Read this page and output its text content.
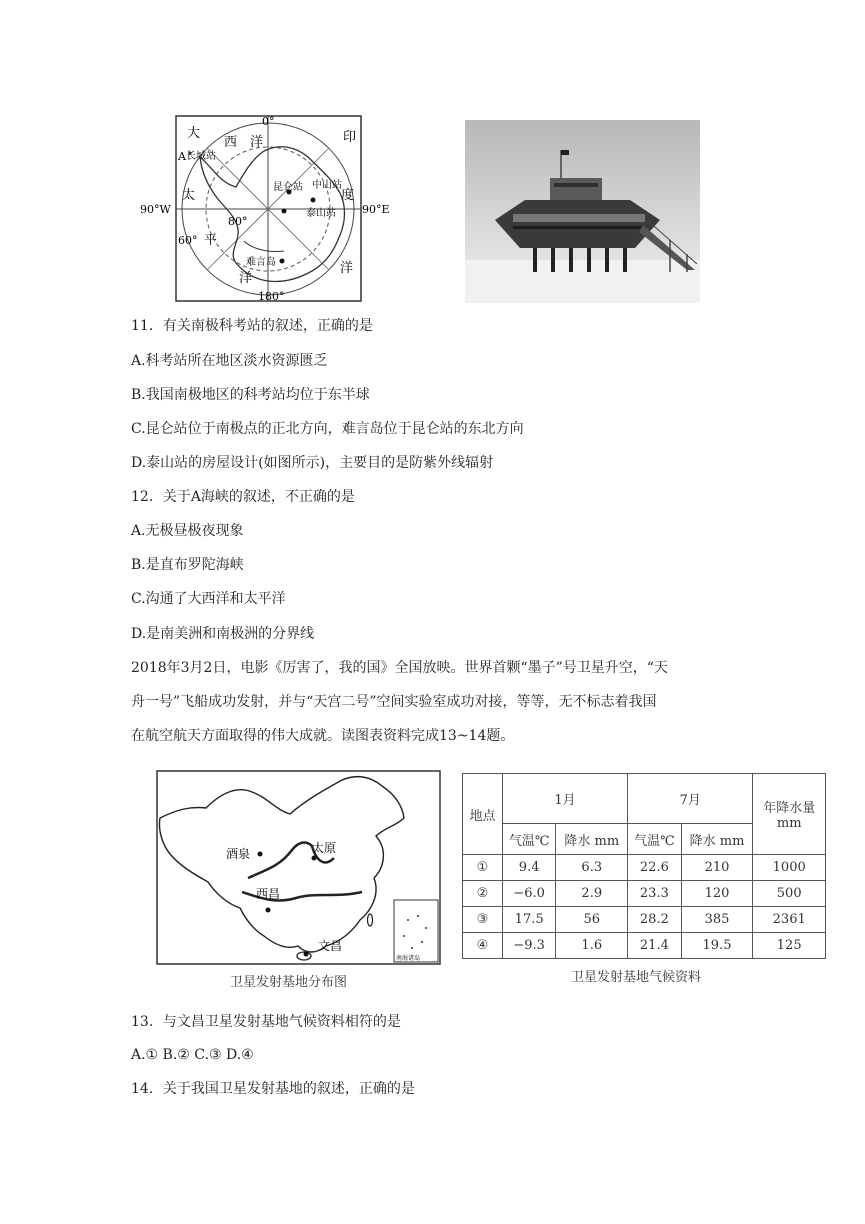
0°
180°
90°W	90°E
60°
80°
大
西 洋	印
度
洋
太
平
洋
A 长城站
昆仑站 中山站
泰山站
难言岛
11．有关南极科考站的叙述，正确的是
A.科考站所在地区淡水资源匮乏
B.我国南极地区的科考站均位于东半球
C.昆仑站位于南极点的正北方向，难言岛位于昆仑站的东北方向
D.泰山站的房屋设计(如图所示)，主要目的是防紫外线辐射
12．关于A海峡的叙述，不正确的是
A.无极昼极夜现象
B.是直布罗陀海峡
C.沟通了大西洋和太平洋
D.是南美洲和南极洲的分界线
2018年3月2日，电影《厉害了，我的国》全国放映。世界首颗“墨子”号卫星升空，“天
舟一号”飞船成功发射，并与“天宫二号”空间实验室成功对接，等等，无不标志着我国
在航空航天方面取得的伟大成就。读图表资料完成13~14题。
酒泉	太原
西昌
文昌
南海诸岛
卫星发射基地分布图
地点	1月		7月		年降水量
mm
	气温℃	降水 mm	气温℃	降水 mm	
①	9.4	6.3	22.6	210	1000
②	−6.0	2.9	23.3	120	500
③	17.5	56	28.2	385	2361
④	−9.3	1.6	21.4	19.5	125
卫星发射基地气候资料
13．与文昌卫星发射基地气候资料相符的是
A.① B.② C.③ D.④
14．关于我国卫星发射基地的叙述，正确的是
